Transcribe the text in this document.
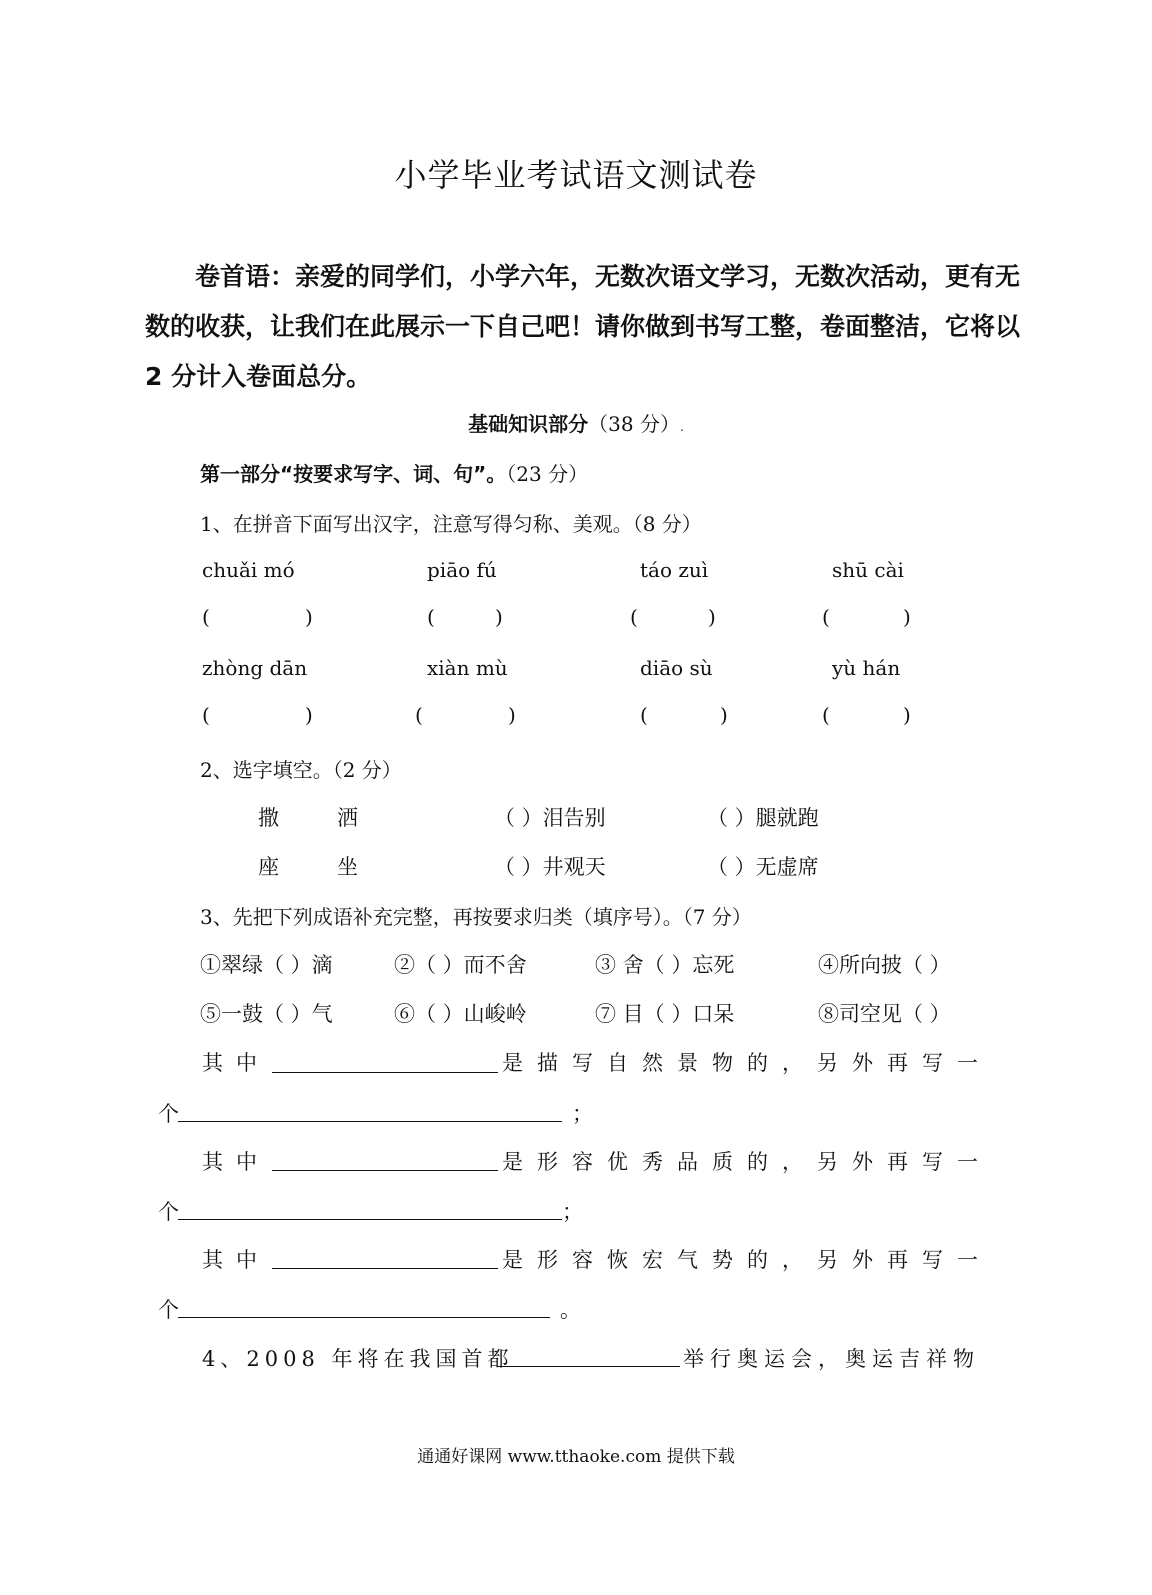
小学毕业考试语文测试卷
卷首语：亲爱的同学们，小学六年，无数次语文学习，无数次活动，更有无数的收获，让我们在此展示一下自己吧！请你做到书写工整，卷面整洁，它将以 2 分计入卷面总分。
基础知识部分（38 分）.
第一部分“按要求写字、词、句”。（23 分）
1、在拼音下面写出汉字，注意写得匀称、美观。（8 分）
chuǎi mó	piāo fú	táo zuì	shū cài
(	)	(	)	(	)	(	)
zhòng dān	xiàn mù	diāo sù	yù hán
(	)	(	)	(	)	(	)
2、选字填空。（2 分）
撒	洒	（ ）泪告别	（ ）腿就跑
座	坐	（ ）井观天	（ ）无虚席
3、先把下列成语补充完整，再按要求归类（填序号）。（7 分）
①翠绿（ ）滴	②（ ）而不舍	③ 舍（ ）忘死	④所向披（ ）
⑤一鼓（ ）气	⑥（ ）山峻岭	⑦ 目（ ）口呆	⑧司空见（ ）
其中	是描写自然景物的，另外再写一
个	；
其中	是形容优秀品质的，另外再写一
个	；
其中	是形容恢宏气势的，另外再写一
个	。
4、2008 年将在我国首都	举行奥运会，奥运吉祥物
通通好课网 www.tthaoke.com 提供下载
